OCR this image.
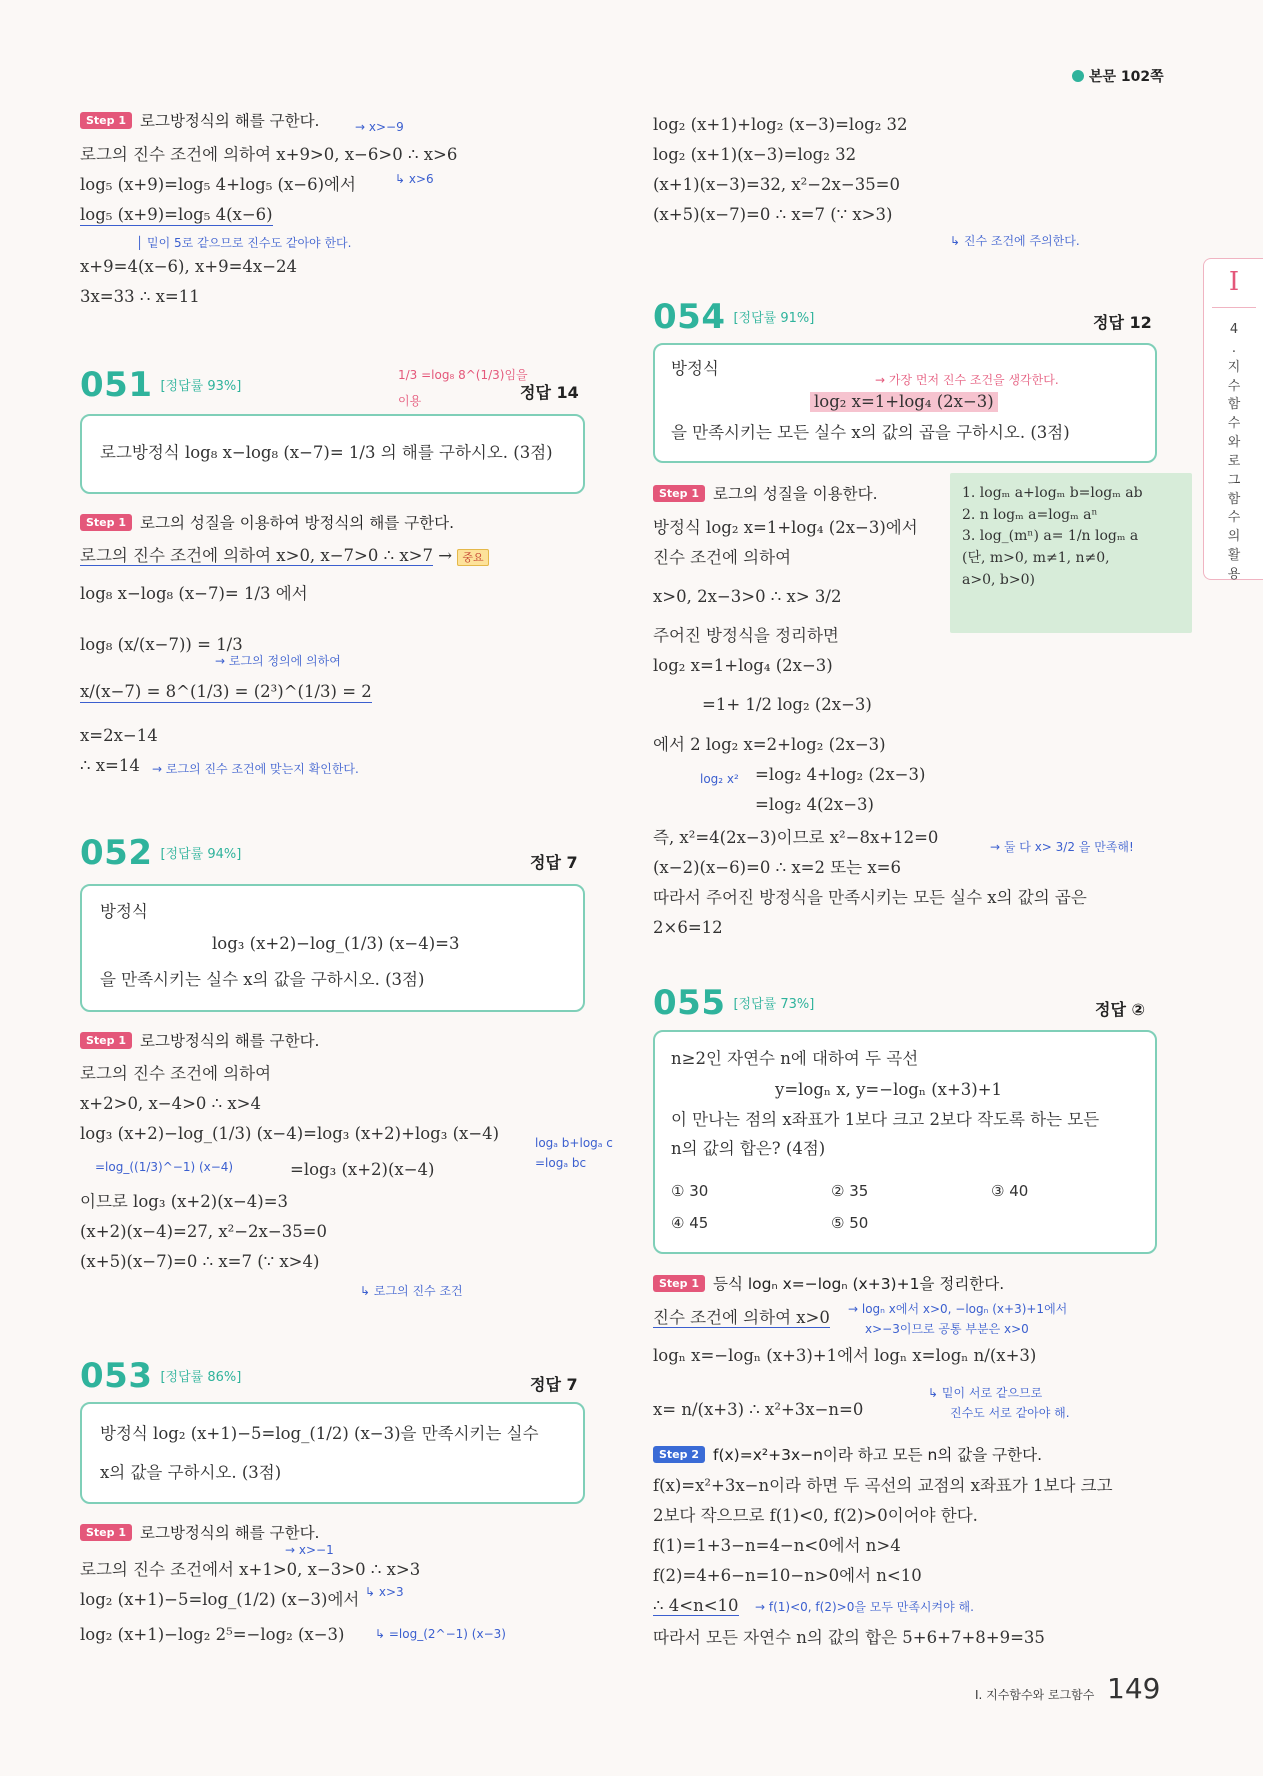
본문 102쪽
I
4
.
지
수
함
수
와
로
그
함
수
의
활
용
Step 1 로그방정식의 해를 구한다.	→ x>−9
로그의 진수 조건에 의하여 x+9>0, x−6>0 ∴ x>6
↳ x>6
log₅ (x+9)=log₅ 4+log₅ (x−6)에서
log₅ (x+9)=log₅ 4(x−6)
│ 밑이 5로 같으므로 진수도 같아야 한다.
x+9=4(x−6), x+9=4x−24
3x=33 ∴ x=11
051 [정답률 93%]
1/3 =log₈ 8^(1/3)임을
이용	정답 14
로그방정식 log₈ x−log₈ (x−7)= 1/3 의 해를 구하시오. (3점)
Step 1 로그의 성질을 이용하여 방정식의 해를 구한다.
로그의 진수 조건에 의하여 x>0, x−7>0 ∴ x>7 → 중요
log₈ x−log₈ (x−7)= 1/3 에서
log₈ (x/(x−7)) = 1/3
→ 로그의 정의에 의하여
x/(x−7) = 8^(1/3) = (2³)^(1/3) = 2
x=2x−14
∴ x=14 → 로그의 진수 조건에 맞는지 확인한다.
052 [정답률 94%]	정답 7
방정식
log₃ (x+2)−log_(1/3) (x−4)=3
을 만족시키는 실수 x의 값을 구하시오. (3점)
Step 1 로그방정식의 해를 구한다.
로그의 진수 조건에 의하여
x+2>0, x−4>0 ∴ x>4
log₃ (x+2)−log_(1/3) (x−4)=log₃ (x+2)+log₃ (x−4)	logₐ b+logₐ c
=logₐ bc
=log_((1/3)^−1) (x−4)	=log₃ (x+2)(x−4)
이므로 log₃ (x+2)(x−4)=3
(x+2)(x−4)=27, x²−2x−35=0
(x+5)(x−7)=0 ∴ x=7 (∵ x>4)
↳ 로그의 진수 조건
053 [정답률 86%]	정답 7
방정식 log₂ (x+1)−5=log_(1/2) (x−3)을 만족시키는 실수
x의 값을 구하시오. (3점)
Step 1 로그방정식의 해를 구한다.
→ x>−1
로그의 진수 조건에서 x+1>0, x−3>0 ∴ x>3
log₂ (x+1)−5=log_(1/2) (x−3)에서 ↳ x>3
log₂ (x+1)−log₂ 2⁵=−log₂ (x−3)	↳ =log_(2^−1) (x−3)
log₂ (x+1)+log₂ (x−3)=log₂ 32
log₂ (x+1)(x−3)=log₂ 32
(x+1)(x−3)=32, x²−2x−35=0
(x+5)(x−7)=0 ∴ x=7 (∵ x>3)
↳ 진수 조건에 주의한다.
054 [정답률 91%]	정답 12
방정식
→ 가장 먼저 진수 조건을 생각한다.
log₂ x=1+log₄ (2x−3)
을 만족시키는 모든 실수 x의 값의 곱을 구하시오. (3점)
Step 1 로그의 성질을 이용한다.	1. logₘ a+logₘ b=logₘ ab
2. n logₘ a=logₘ aⁿ
3. log_(mⁿ) a= 1/n logₘ a
(단, m>0, m≠1, n≠0,
a>0, b>0)
방정식 log₂ x=1+log₄ (2x−3)에서
진수 조건에 의하여
x>0, 2x−3>0 ∴ x> 3/2
주어진 방정식을 정리하면
log₂ x=1+log₄ (2x−3)
=1+ 1/2 log₂ (2x−3)
에서 2 log₂ x=2+log₂ (2x−3)
log₂ x² =log₂ 4+log₂ (2x−3)
=log₂ 4(2x−3)
즉, x²=4(2x−3)이므로 x²−8x+12=0	→ 둘 다 x> 3/2 을 만족해!
(x−2)(x−6)=0 ∴ x=2 또는 x=6
따라서 주어진 방정식을 만족시키는 모든 실수 x의 값의 곱은
2×6=12
055 [정답률 73%]	정답 ②
n≥2인 자연수 n에 대하여 두 곡선
y=logₙ x, y=−logₙ (x+3)+1
이 만나는 점의 x좌표가 1보다 크고 2보다 작도록 하는 모든
n의 값의 합은? (4점)
① 30	② 35	③ 40
④ 45	⑤ 50
Step 1 등식 logₙ x=−logₙ (x+3)+1을 정리한다.
진수 조건에 의하여 x>0 → logₙ x에서 x>0, −logₙ (x+3)+1에서
x>−3이므로 공통 부분은 x>0
logₙ x=−logₙ (x+3)+1에서 logₙ x=logₙ n/(x+3)
↳ 밑이 서로 같으므로
진수도 서로 같아야 해.
x= n/(x+3) ∴ x²+3x−n=0
Step 2 f(x)=x²+3x−n이라 하고 모든 n의 값을 구한다.
f(x)=x²+3x−n이라 하면 두 곡선의 교점의 x좌표가 1보다 크고
2보다 작으므로 f(1)<0, f(2)>0이어야 한다.
f(1)=1+3−n=4−n<0에서 n>4
f(2)=4+6−n=10−n>0에서 n<10
∴ 4<n<10 → f(1)<0, f(2)>0을 모두 만족시켜야 해.
따라서 모든 자연수 n의 값의 합은 5+6+7+8+9=35
I. 지수함수와 로그함수 149
